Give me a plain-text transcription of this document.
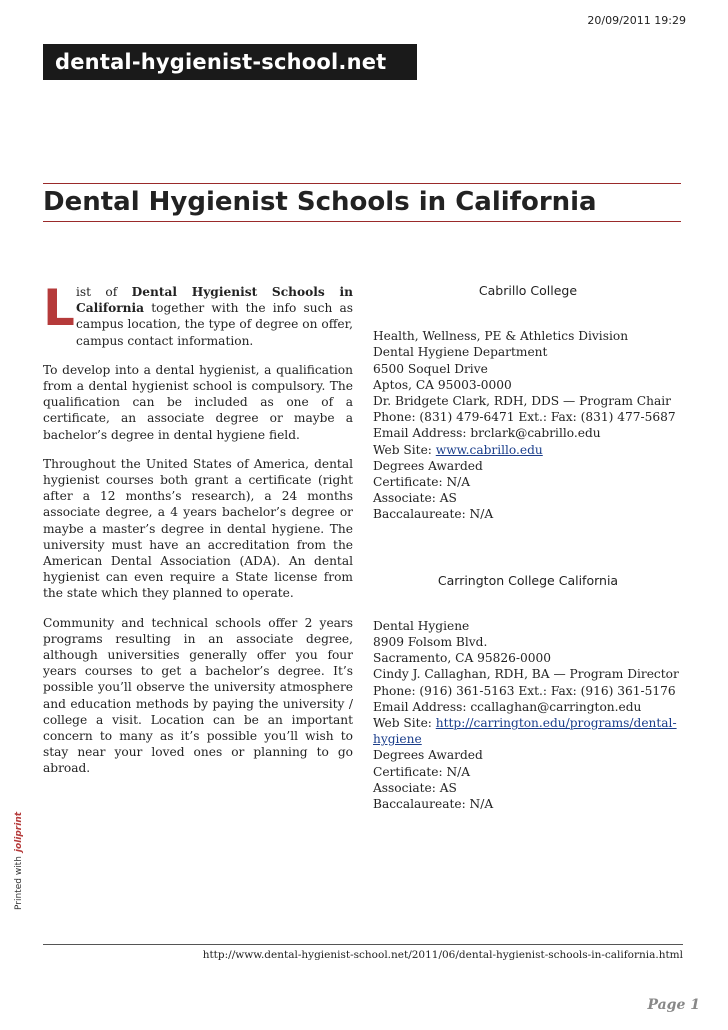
20/09/2011 19:29
dental-hygienist-school.net
Dental Hygienist Schools in California
L ist of Dental Hygienist Schools in California together with the info such as campus location, the type of degree on offer, campus contact information.

To develop into a dental hygienist, a qualification from a dental hygienist school is compulsory. The qualification can be included as one of a certificate, an associate degree or maybe a bachelor’s degree in dental hygiene field.

Throughout the United States of America, dental hygienist courses both grant a certificate (right after a 12 months’s research), a 24 months associate degree, a 4 years bachelor’s degree or maybe a master’s degree in dental hygiene. The university must have an accreditation from the American Dental Association (ADA). An dental hygienist can even require a State license from the state which they planned to operate.

Community and technical schools offer 2 years programs resulting in an associate degree, although universities generally offer you four years courses to get a bachelor’s degree. It’s possible you’ll observe the university atmosphere and education methods by paying the university / college a visit. Location can be an important concern to many as it’s possible you’ll wish to stay near your loved ones or planning to go abroad.

Cabrillo College
Health, Wellness, PE & Athletics Division
Dental Hygiene Department
6500 Soquel Drive
Aptos, CA 95003-0000
Dr. Bridgete Clark, RDH, DDS — Program Chair
Phone: (831) 479-6471 Ext.: Fax: (831) 477-5687
Email Address: brclark@cabrillo.edu
Web Site: www.cabrillo.edu
Degrees Awarded
Certificate: N/A
Associate: AS
Baccalaureate: N/A
Carrington College California
Dental Hygiene
8909 Folsom Blvd.
Sacramento, CA 95826-0000
Cindy J. Callaghan, RDH, BA — Program Director
Phone: (916) 361-5163 Ext.: Fax: (916) 361-5176
Email Address: ccallaghan@carrington.edu
Web Site: http://carrington.edu/programs/dental-hygiene
Degrees Awarded
Certificate: N/A
Associate: AS
Baccalaureate: N/A
Printed with
joliprint
http://www.dental-hygienist-school.net/2011/06/dental-hygienist-schools-in-california.html
Page 1
